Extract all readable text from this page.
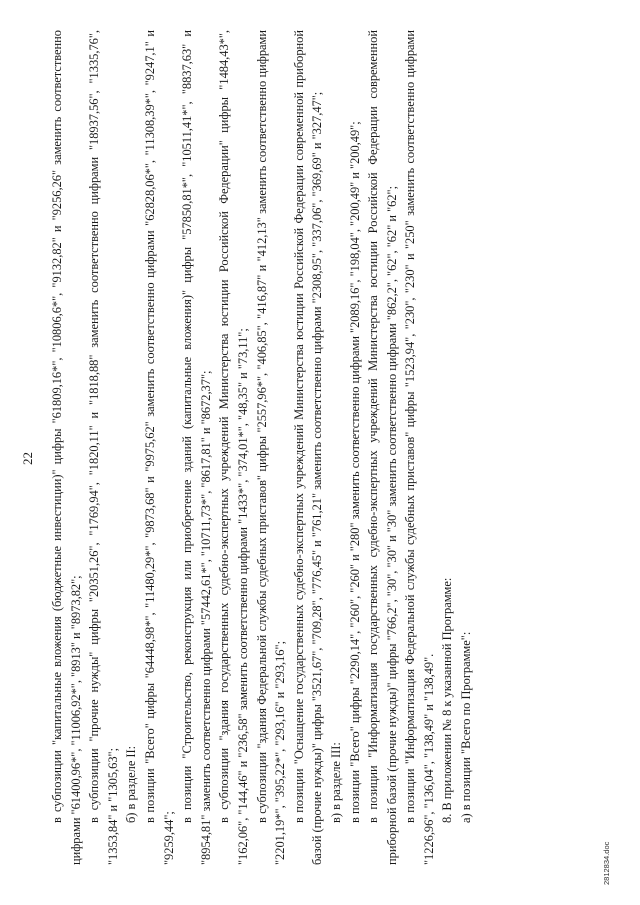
22 в субпозиции "капитальные вложения (бюджетные инвестиции)" цифры "61809,16*", "10806,6*", "9132,82" и "9256,26" заменить соответственно цифрами "61400,96*", "11006,92*", "8913" и "8973,82"; в субпозиции "прочие нужды" цифры "20351,26", "1769,94", "1820,11" и "1818,88" заменить соответственно цифрами "18937,56", "1335,76", "1353,84" и "1305,63"; б) в разделе II: в позиции "Всего" цифры "64448,98*", "11480,29*", "9873,68" и "9975,62" заменить соответственно цифрами "62828,06*", "11308,39*", "9247,1" и "9259,44";

в позиции "Строительство, реконструкция или приобретение зданий (капитальные вложения)" цифры "57850,81*", "10511,41*", "8837,63" и "8954,81" заменить соответственно цифрами "57442,61*", "10711,73*", "8617,81" и "8672,37"; в субпозиции "здания государственных судебно-экспертных учреждений Министерства юстиции Российской Федерации" цифры "1484,43*", "162,06", "144,46" и "236,58" заменить соответственно цифрами "1433*", "374,01*", "48,35" и "73,11"; в субпозиции "здания Федеральной службы судебных приставов" цифры "2557,96*", "406,85", "416,87" и "412,13" заменить соответственно цифрами "2201,19*", "395,22*", "293,16" и "293,16"; в позиции "Оснащение государственных судебно-экспертных учреждений Министерства юстиции Российской Федерации современной приборной базой (прочие нужды)" цифры "3521,67", "709,28", "776,45" и "761,21" заменить соответственно цифрами "2308,95", "337,06", "369,69" и "327,47"; в) в разделе III: в позиции "Всего" цифры "2290,14", "260", "260" и "280" заменить соответственно цифрами "2089,16", "198,04", "200,49" и "200,49"; в позиции "Информатизация государственных судебно-экспертных учреждений Министерства юстиции Российской Федерации современной приборной базой (прочие нужды)" цифры "766,2", "30", "30" и "30" заменить соответственно цифрами "862,2", "62", "62" и "62"; в позиции "Информатизация Федеральной службы судебных приставов" цифры "1523,94", "230", "230" и "250" заменить соответственно цифрами "1226,96", "136,04", "138,49" и "138,49". 8. В приложении № 8 к указанной Программе: а) в позиции "Всего по Программе":

2812834.doc
